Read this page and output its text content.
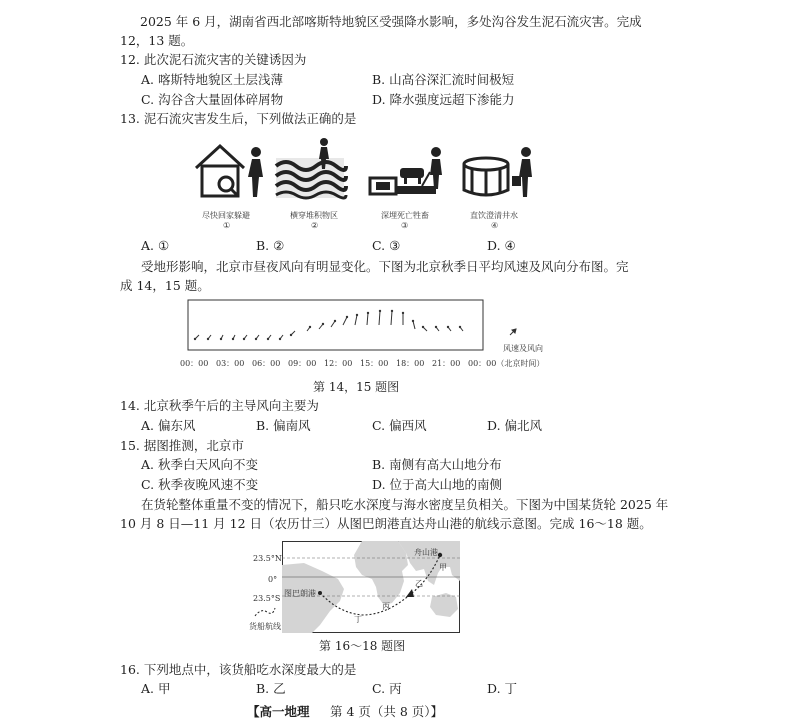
2025 年 6 月，湖南省西北部喀斯特地貌区受强降水影响，多处沟谷发生泥石流灾害。完成
12，13 题。
12. 此次泥石流灾害的关键诱因为
A. 喀斯特地貌区土层浅薄	B. 山高谷深汇流时间极短
C. 沟谷含大量固体碎屑物	D. 降水强度远超下渗能力
13. 泥石流灾害发生后，下列做法正确的是
尽快回家躲避
①
横穿堆积物区
②
深埋死亡牲畜
③
直饮澄清井水
④
A. ①	B. ②	C. ③	D. ④
受地形影响，北京市昼夜风向有明显变化。下图为北京秋季日平均风速及风向分布图。完
成 14，15 题。
风速及风向
00：00 03：00 06：00 09：00 12：00 15：00 18：00 21：00 00：00（北京时间）
第 14，15 题图
14. 北京秋季午后的主导风向主要为
A. 偏东风	B. 偏南风	C. 偏西风	D. 偏北风
15. 据图推测，北京市
A. 秋季白天风向不变	B. 南侧有高大山地分布
C. 秋季夜晚风速不变	D. 位于高大山地的南侧
在货轮整体重量不变的情况下，船只吃水深度与海水密度呈负相关。下图为中国某货轮 2025 年
10 月 8 日—11 月 12 日（农历廿三）从图巴朗港直达舟山港的航线示意图。完成 16～18 题。
23.5°N
0°
23.5°S
图巴朗港
舟山港
甲
乙
丙
丁
货船航线
第 16～18 题图
16. 下列地点中，该货船吃水深度最大的是
A. 甲	B. 乙	C. 丙	D. 丁
【高一地理 第 4 页（共 8 页）】
